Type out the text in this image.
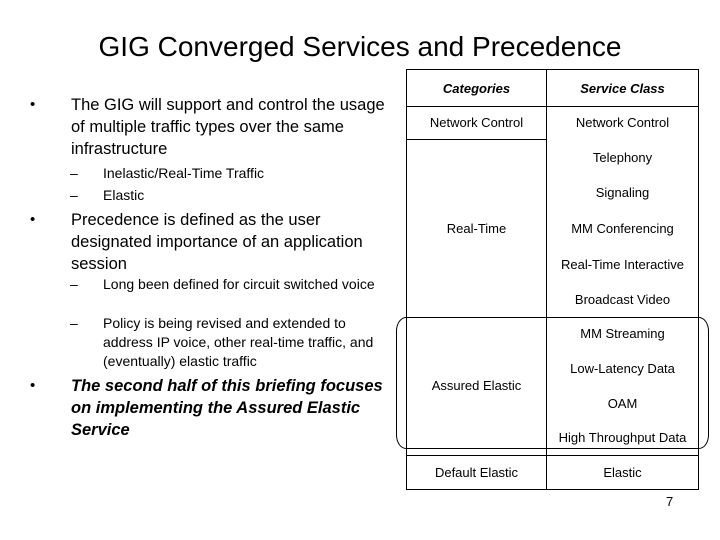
GIG Converged Services and Precedence
• The GIG will support and control the usage of multiple traffic types over the same infrastructure
– Inelastic/Real-Time Traffic
– Elastic
• Precedence is defined as the user designated importance of an application session
– Long been defined for circuit switched voice
– Policy is being revised and extended to address IP voice, other real-time traffic, and (eventually) elastic traffic
• The second half of this briefing focuses on implementing the Assured Elastic Service
Categories	Service Class
Network Control
Real-Time
Assured Elastic
Default Elastic
Network Control
Telephony
Signaling
MM Conferencing
Real-Time Interactive
Broadcast Video
MM Streaming
Low-Latency Data
OAM
High Throughput Data
Elastic
7
